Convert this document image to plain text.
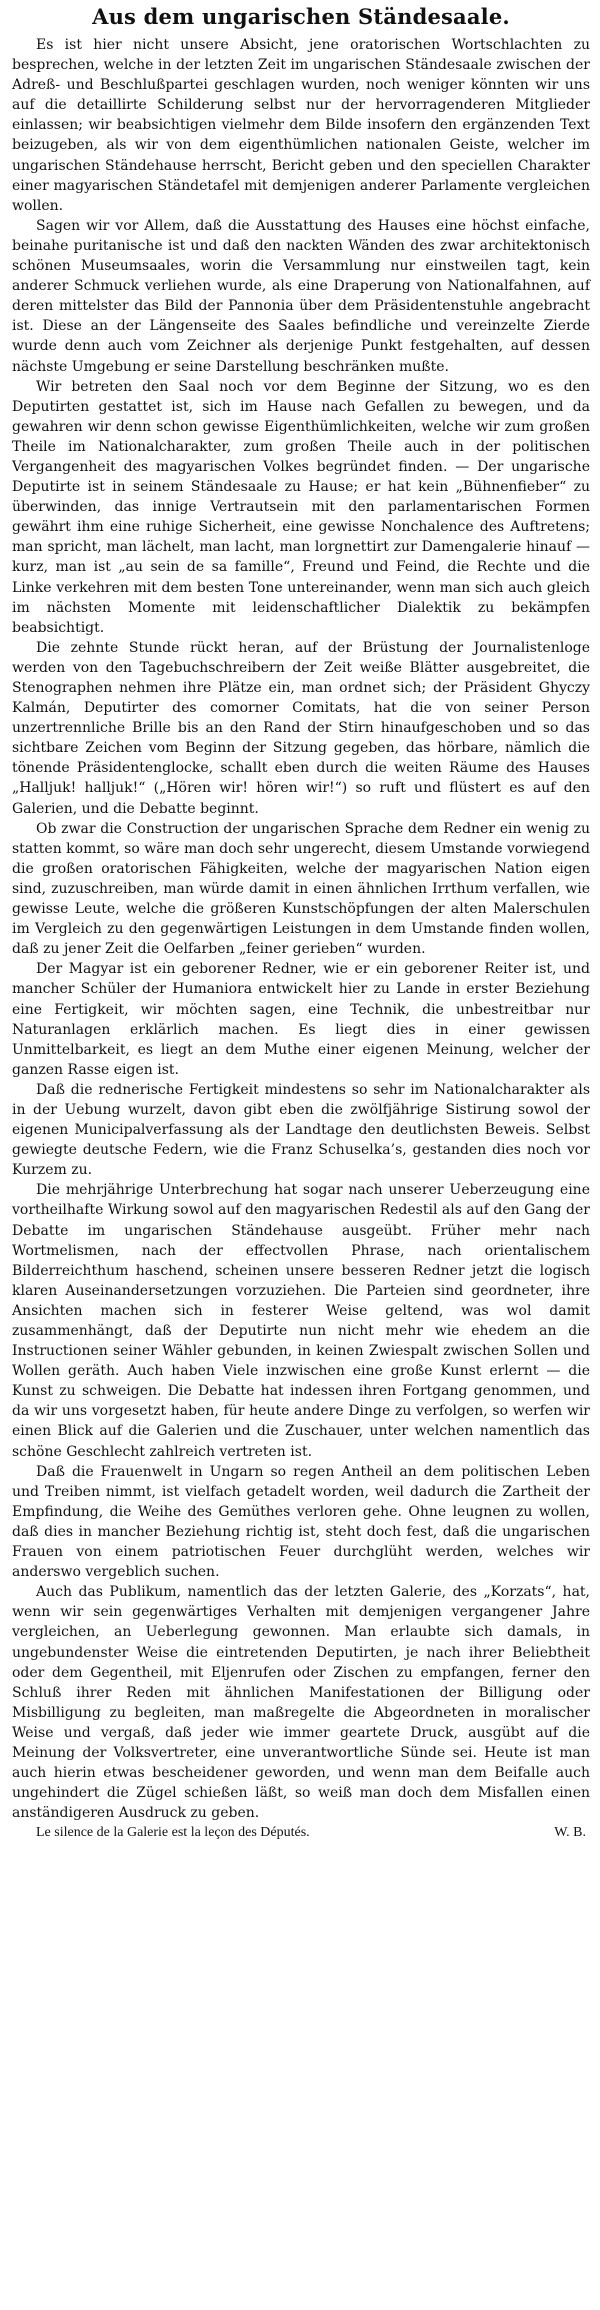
Aus dem ungarischen Ständesaale.

Es ist hier nicht unsere Absicht, jene oratorischen Wortschlachten zu besprechen, welche in der letzten Zeit im ungarischen Ständesaale zwischen der Adreß- und Beschlußpartei geschlagen wurden, noch weniger könnten wir uns auf die detaillirte Schilderung selbst nur der hervorragenderen Mitglieder einlassen; wir beabsichtigen vielmehr dem Bilde insofern den ergänzenden Text beizugeben, als wir von dem eigenthümlichen nationalen Geiste, welcher im ungarischen Ständehause herrscht, Bericht geben und den speciellen Charakter einer magyarischen Ständetafel mit demjenigen anderer Parlamente vergleichen wollen.

Sagen wir vor Allem, daß die Ausstattung des Hauses eine höchst einfache, beinahe puritanische ist und daß den nackten Wänden des zwar architektonisch schönen Museumsaales, worin die Versammlung nur einstweilen tagt, kein anderer Schmuck verliehen wurde, als eine Draperung von Nationalfahnen, auf deren mittelster das Bild der Pannonia über dem Präsidentenstuhle angebracht ist. Diese an der Längenseite des Saales befindliche und vereinzelte Zierde wurde denn auch vom Zeichner als derjenige Punkt festgehalten, auf dessen nächste Umgebung er seine Darstellung beschränken mußte.

Wir betreten den Saal noch vor dem Beginne der Sitzung, wo es den Deputirten gestattet ist, sich im Hause nach Gefallen zu bewegen, und da gewahren wir denn schon gewisse Eigenthümlichkeiten, welche wir zum großen Theile im Nationalcharakter, zum großen Theile auch in der politischen Vergangenheit des magyarischen Volkes begründet finden. — Der ungarische Deputirte ist in seinem Ständesaale zu Hause; er hat kein „Bühnenfieber“ zu überwinden, das innige Vertrautsein mit den parlamentarischen Formen gewährt ihm eine ruhige Sicherheit, eine gewisse Nonchalence des Auftretens; man spricht, man lächelt, man lacht, man lorgnettirt zur Damengalerie hinauf — kurz, man ist „au sein de sa famille“, Freund und Feind, die Rechte und die Linke verkehren mit dem besten Tone untereinander, wenn man sich auch gleich im nächsten Momente mit leidenschaftlicher Dialektik zu bekämpfen beabsichtigt.

Die zehnte Stunde rückt heran, auf der Brüstung der Journalistenloge werden von den Tagebuchschreibern der Zeit weiße Blätter ausgebreitet, die Stenographen nehmen ihre Plätze ein, man ordnet sich; der Präsident Ghyczy Kalmán, Deputirter des comorner Comitats, hat die von seiner Person unzertrennliche Brille bis an den Rand der Stirn hinaufgeschoben und so das sichtbare Zeichen vom Beginn der Sitzung gegeben, das hörbare, nämlich die tönende Präsidentenglocke, schallt eben durch die weiten Räume des Hauses „Halljuk! halljuk!“ („Hören wir! hören wir!“) so ruft und flüstert es auf den Galerien, und die Debatte beginnt.

Ob zwar die Construction der ungarischen Sprache dem Redner ein wenig zu statten kommt, so wäre man doch sehr ungerecht, diesem Umstande vorwiegend die großen oratorischen Fähigkeiten, welche der magyarischen Nation eigen sind, zuzuschreiben, man würde damit in einen ähnlichen Irrthum verfallen, wie gewisse Leute, welche die größeren Kunstschöpfungen der alten Malerschulen im Vergleich zu den gegenwärtigen Leistungen in dem Umstande finden wollen, daß zu jener Zeit die Oelfarben „feiner gerieben“ wurden.

Der Magyar ist ein geborener Redner, wie er ein geborener Reiter ist, und mancher Schüler der Humaniora entwickelt hier zu Lande in erster Beziehung eine Fertigkeit, wir möchten sagen, eine Technik, die unbestreitbar nur Naturanlagen erklärlich machen. Es liegt dies in einer gewissen Unmittelbarkeit, es liegt an dem Muthe einer eigenen Meinung, welcher der ganzen Rasse eigen ist.

Daß die rednerische Fertigkeit mindestens so sehr im Nationalcharakter als in der Uebung wurzelt, davon gibt eben die zwölfjährige Sistirung sowol der eigenen Municipalverfassung als der Landtage den deutlichsten Beweis. Selbst gewiegte deutsche Federn, wie die Franz Schuselka’s, gestanden dies noch vor Kurzem zu.

Die mehrjährige Unterbrechung hat sogar nach unserer Ueberzeugung eine vortheilhafte Wirkung sowol auf den magyarischen Redestil als auf den Gang der Debatte im ungarischen Ständehause ausgeübt. Früher mehr nach Wortmelismen, nach der effectvollen Phrase, nach orientalischem Bilderreichthum haschend, scheinen unsere besseren Redner jetzt die logisch klaren Auseinandersetzungen vorzuziehen. Die Parteien sind geordneter, ihre Ansichten machen sich in festerer Weise geltend, was wol damit zusammenhängt, daß der Deputirte nun nicht mehr wie ehedem an die Instructionen seiner Wähler gebunden, in keinen Zwiespalt zwischen Sollen und Wollen geräth. Auch haben Viele inzwischen eine große Kunst erlernt — die Kunst zu schweigen. Die Debatte hat indessen ihren Fortgang genommen, und da wir uns vorgesetzt haben, für heute andere Dinge zu verfolgen, so werfen wir einen Blick auf die Galerien und die Zuschauer, unter welchen namentlich das schöne Geschlecht zahlreich vertreten ist.

Daß die Frauenwelt in Ungarn so regen Antheil an dem politischen Leben und Treiben nimmt, ist vielfach getadelt worden, weil dadurch die Zartheit der Empfindung, die Weihe des Gemüthes verloren gehe. Ohne leugnen zu wollen, daß dies in mancher Beziehung richtig ist, steht doch fest, daß die ungarischen Frauen von einem patriotischen Feuer durchglüht werden, welches wir anderswo vergeblich suchen.

Auch das Publikum, namentlich das der letzten Galerie, des „Korzats“, hat, wenn wir sein gegenwärtiges Verhalten mit demjenigen vergangener Jahre vergleichen, an Ueberlegung gewonnen. Man erlaubte sich damals, in ungebundenster Weise die eintretenden Deputirten, je nach ihrer Beliebtheit oder dem Gegentheil, mit Eljenrufen oder Zischen zu empfangen, ferner den Schluß ihrer Reden mit ähnlichen Manifestationen der Billigung oder Misbilligung zu begleiten, man maßregelte die Abgeordneten in moralischer Weise und vergaß, daß jeder wie immer geartete Druck, ausgübt auf die Meinung der Volksvertreter, eine unverantwortliche Sünde sei. Heute ist man auch hierin etwas bescheidener geworden, und wenn man dem Beifalle auch ungehindert die Zügel schießen läßt, so weiß man doch dem Misfallen einen anständigeren Ausdruck zu geben.

Le silence de la Galerie est la leçon des Députés.	W. B.
